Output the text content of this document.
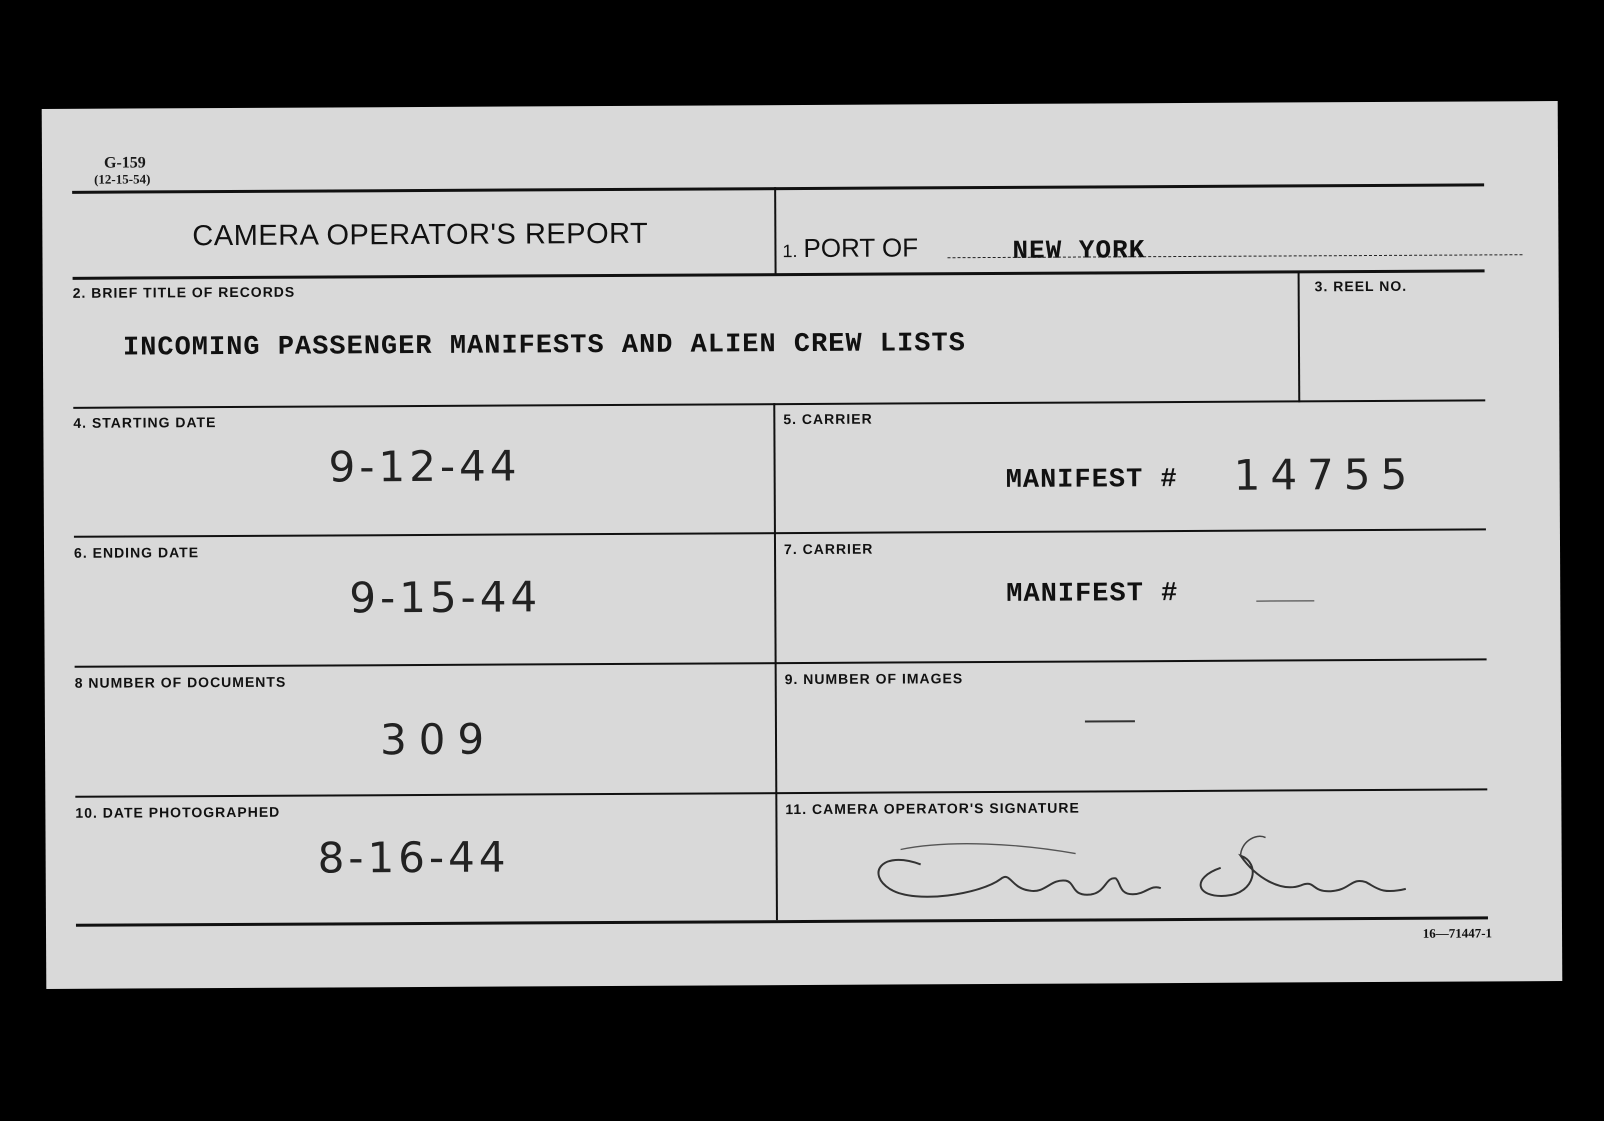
G-159
(12-15-54)
CAMERA OPERATOR'S REPORT	1. PORT OF	NEW YORK
2. BRIEF TITLE OF RECORDS
INCOMING PASSENGER MANIFESTS AND ALIEN CREW LISTS
3. REEL NO.
4. STARTING DATE
9-12-44
5. CARRIER
MANIFEST # 14755
6. ENDING DATE
9-15-44
7. CARRIER
MANIFEST #
8 NUMBER OF DOCUMENTS
309
9. NUMBER OF IMAGES
10. DATE PHOTOGRAPHED
8-16-44
11. CAMERA OPERATOR'S SIGNATURE
16—71447-1
